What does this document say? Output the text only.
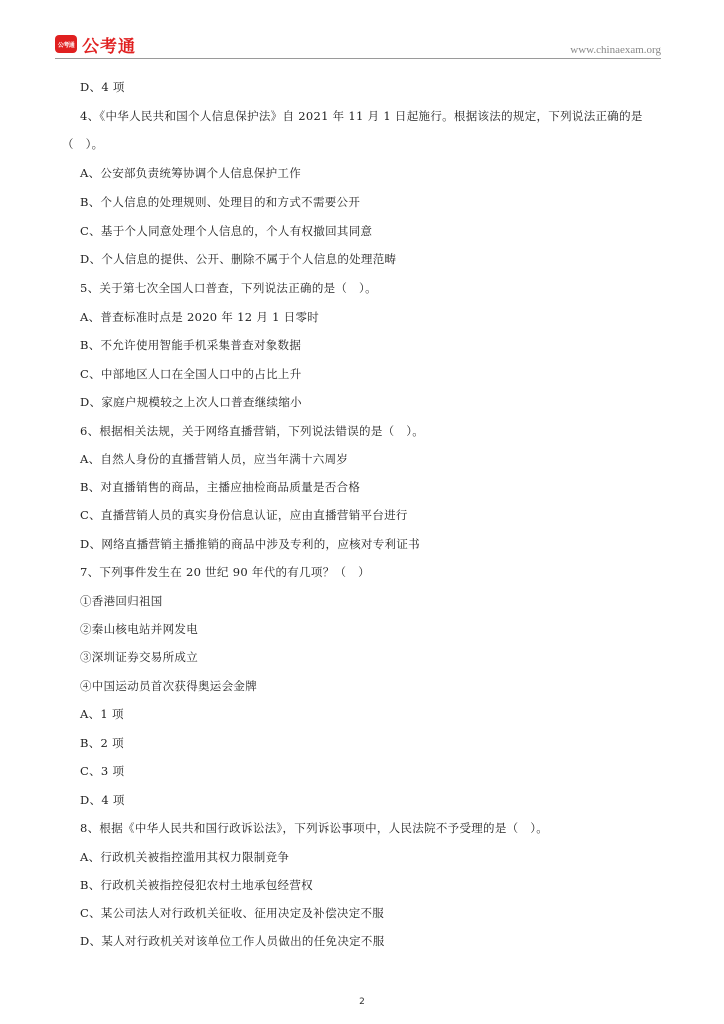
公考通 公考通	www.chinaexam.org
D、4 项
4、《中华人民共和国个人信息保护法》自 2021 年 11 月 1 日起施行。根据该法的规定，下列说法正确的是
（　）。
A、公安部负责统筹协调个人信息保护工作
B、个人信息的处理规则、处理目的和方式不需要公开
C、基于个人同意处理个人信息的，个人有权撤回其同意
D、个人信息的提供、公开、删除不属于个人信息的处理范畴
5、关于第七次全国人口普查，下列说法正确的是（　）。
A、普查标准时点是 2020 年 12 月 1 日零时
B、不允许使用智能手机采集普查对象数据
C、中部地区人口在全国人口中的占比上升
D、家庭户规模较之上次人口普查继续缩小
6、根据相关法规，关于网络直播营销，下列说法错误的是（　）。
A、自然人身份的直播营销人员，应当年满十六周岁
B、对直播销售的商品，主播应抽检商品质量是否合格
C、直播营销人员的真实身份信息认证，应由直播营销平台进行
D、网络直播营销主播推销的商品中涉及专利的，应核对专利证书
7、下列事件发生在 20 世纪 90 年代的有几项？（　）
①香港回归祖国
②秦山核电站并网发电
③深圳证券交易所成立
④中国运动员首次获得奥运会金牌
A、1 项
B、2 项
C、3 项
D、4 项
8、根据《中华人民共和国行政诉讼法》，下列诉讼事项中，人民法院不予受理的是（　）。
A、行政机关被指控滥用其权力限制竞争
B、行政机关被指控侵犯农村土地承包经营权
C、某公司法人对行政机关征收、征用决定及补偿决定不服
D、某人对行政机关对该单位工作人员做出的任免决定不服
2
